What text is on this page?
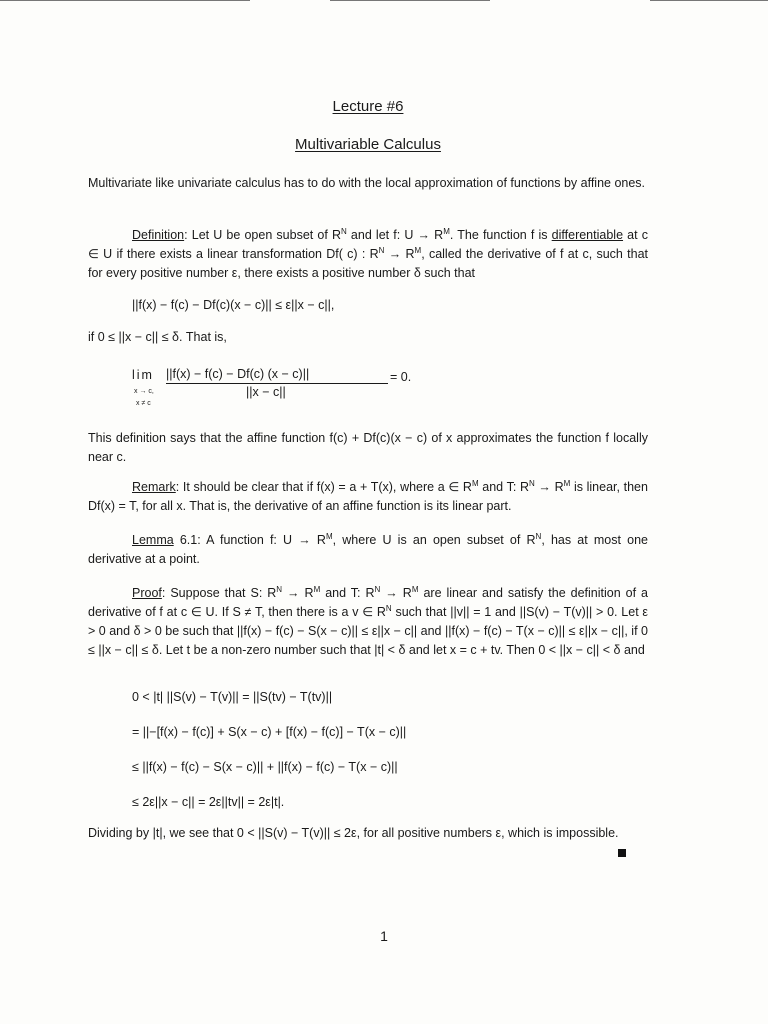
Lecture #6
Multivariable Calculus

Multivariate like univariate calculus has to do with the local approximation of functions by affine ones.

Definition: Let U be open subset of $R^N$ and let f: $U \to R^M$. The function f is differentiable at c ∈ U if there exists a linear transformation Df( c) : $R^N \to R^M$, called the derivative of f at c, such that for every positive number ε, there exists a positive number δ such that

||f(x) − f(c) − Df(c)(x − c)|| ≤ ε||x − c||,
if 0 ≤ ||x − c|| ≤ δ. That is,
lim
x → c,
x ≠ c
||f(x) − f(c) − Df(c) (x − c)||
||x − c||
= 0.

This definition says that the affine function f(c) + Df(c)(x − c) of x approximates the function f locally near c.

Remark: It should be clear that if f(x) = a + T(x), where a ∈ $R^M$ and T: $R^N \to R^M$ is linear, then Df(x) = T, for all x. That is, the derivative of an affine function is its linear part.

Lemma 6.1: A function f: $U \to R^M$, where U is an open subset of $R^N$, has at most one derivative at a point.

Proof: Suppose that S: $R^N \to R^M$ and T: $R^N \to R^M$ are linear and satisfy the definition of a derivative of f at c ∈ U. If S ≠ T, then there is a v ∈ $R^N$ such that ||v|| = 1 and ||S(v) − T(v)|| > 0. Let ε > 0 and δ > 0 be such that ||f(x) − f(c) − S(x − c)|| ≤ ε||x − c|| and ||f(x) − f(c) − T(x − c)|| ≤ ε||x − c||, if 0 ≤ ||x − c|| ≤ δ. Let t be a non-zero number such that |t| < δ and let x = c + tv. Then 0 < ||x − c|| < δ and

0 < |t| ||S(v) − T(v)|| = ||S(tv) − T(tv)||
= ||−[f(x) − f(c)] + S(x − c) + [f(x) − f(c)] − T(x − c)||
≤ ||f(x) − f(c) − S(x − c)|| + ||f(x) − f(c) − T(x − c)||
≤ 2ε||x − c|| = 2ε||tv|| = 2ε|t|.

Dividing by |t|, we see that 0 < ||S(v) − T(v)|| ≤ 2ε, for all positive numbers ε, which is impossible.

1
